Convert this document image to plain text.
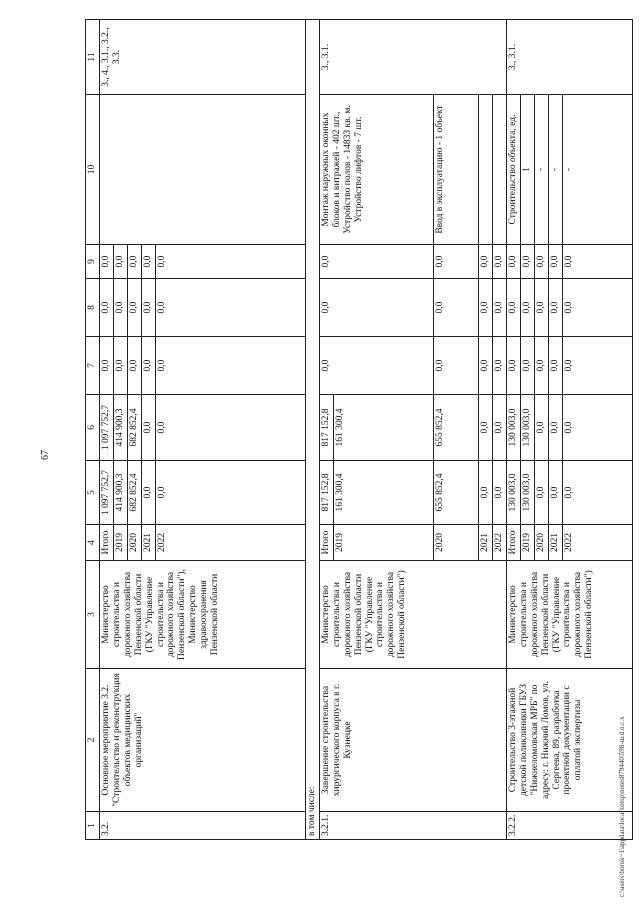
67
1	2	3	4	5	6	7	8	9	10	11
3.2.	Основное мероприятие 3.2. "Строительство и реконструкция объектов медицинских организаций"	Министерство строительства и дорожного хозяйства Пензенской области (ГКУ "Управление строительства и дорожного хозяйства Пензенской области"), Министерство здравоохранения Пензенской области	Итого	1 097 752,7	1 097 752,7	0,0	0,0	0,0		3., 4., 3.1., 3.2., 3.3.
			2019	414 900,3	414 900,3	0,0	0,0	0,0		
			2020	682 852,4	682 852,4	0,0	0,0	0,0		
			2021	0,0	0,0	0,0	0,0	0,0		
			2022	0,0	0,0	0,0	0,0	0,0		
в том числе:										
3.2.1.	Завершение строительства хирургического корпуса в г. Кузнецке	Министерство строительства и дорожного хозяйства Пензенской области (ГКУ "Управление строительства и дорожного хозяйства Пензенской области")	Итого	817 152,8	817 152,8	0,0	0,0	0,0	Монтаж наружных оконных блоков и витражей - 402 шт., Устройство полов - 14833 кв. м. Устройство лифтов - 7 шт.	3., 3.1.
			2019	161 300,4	161 300,4					
			2020	655 852,4	655 852,4	0,0	0,0	0,0	Ввод в эксплуатацию - 1 объект	
			2021	0,0	0,0	0,0	0,0	0,0		
			2022	0,0	0,0	0,0	0,0	0,0		
3.2.2.	Строительство 3-этажной детской поликлиники ГБУЗ "Нижнеломовская МРБ" по адресу: г. Нижний Ломов, ул. Сергеева, 89, разработка проектной документации с оплатой экспертизы	Министерство строительства и дорожного хозяйства Пензенской области (ГКУ "Управление строительства и дорожного хозяйства Пензенской области")	Итого	130 003,0	130 003,0	0,0	0,0	0,0	Строительство объекта, ед.	3., 3.1.
			2019	130 003,0	130 003,0	0,0	0,0	0,0	1	
			2020	0,0	0,0	0,0	0,0	0,0	-	
			2021	0,0	0,0	0,0	0,0	0,0	-	
			2022	0,0	0,0	0,0	0,0	0,0	-	
c:\users\borok~1\appdata\local\temp\notes879440\598-ш.d.o.c.x
